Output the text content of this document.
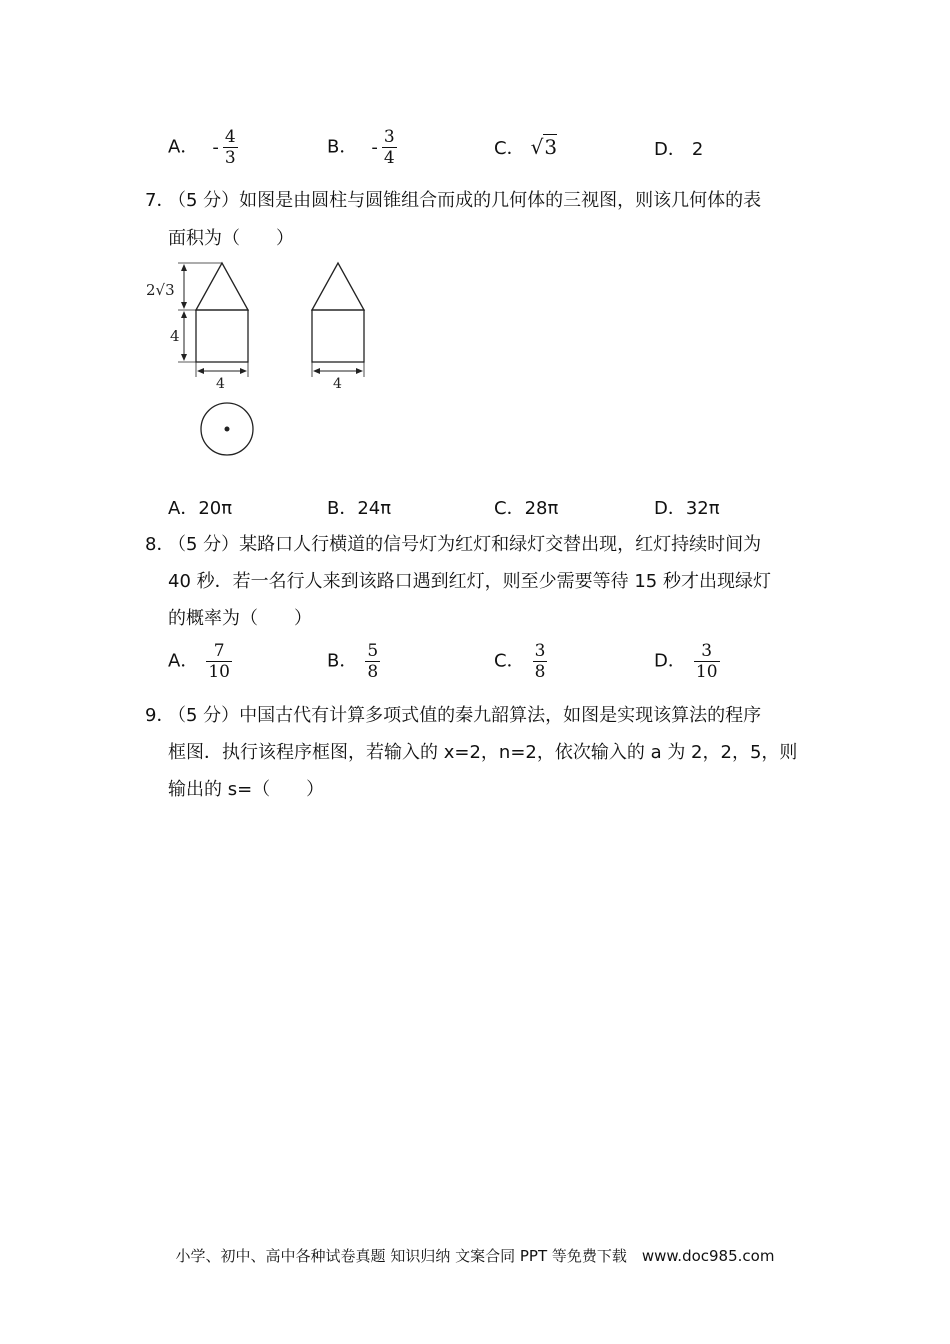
A． - $\frac{4}{3}$	B． - $\frac{3}{4}$	C． √3	D． 2
7．
（5 分）如图是由圆柱与圆锥组合而成的几何体的三视图，则该几何体的表
面积为（　　）
2√3
4
4	4
A．20π	B．24π	C．28π	D．32π
8．
（5 分）某路口人行横道的信号灯为红灯和绿灯交替出现，红灯持续时间为
40 秒．若一名行人来到该路口遇到红灯，则至少需要等待 15 秒才出现绿灯
的概率为（　　）
A． $\frac{7}{10}$	B． $\frac{5}{8}$	C． $\frac{3}{8}$	D． $\frac{3}{10}$
9．
（5 分）中国古代有计算多项式值的秦九韶算法，如图是实现该算法的程序
框图．执行该程序框图，若输入的 x=2，n=2，依次输入的 a 为 2，2，5，则
输出的 s=（　　）
小学、初中、高中各种试卷真题 知识归纳 文案合同 PPT 等免费下载　www.doc985.com
